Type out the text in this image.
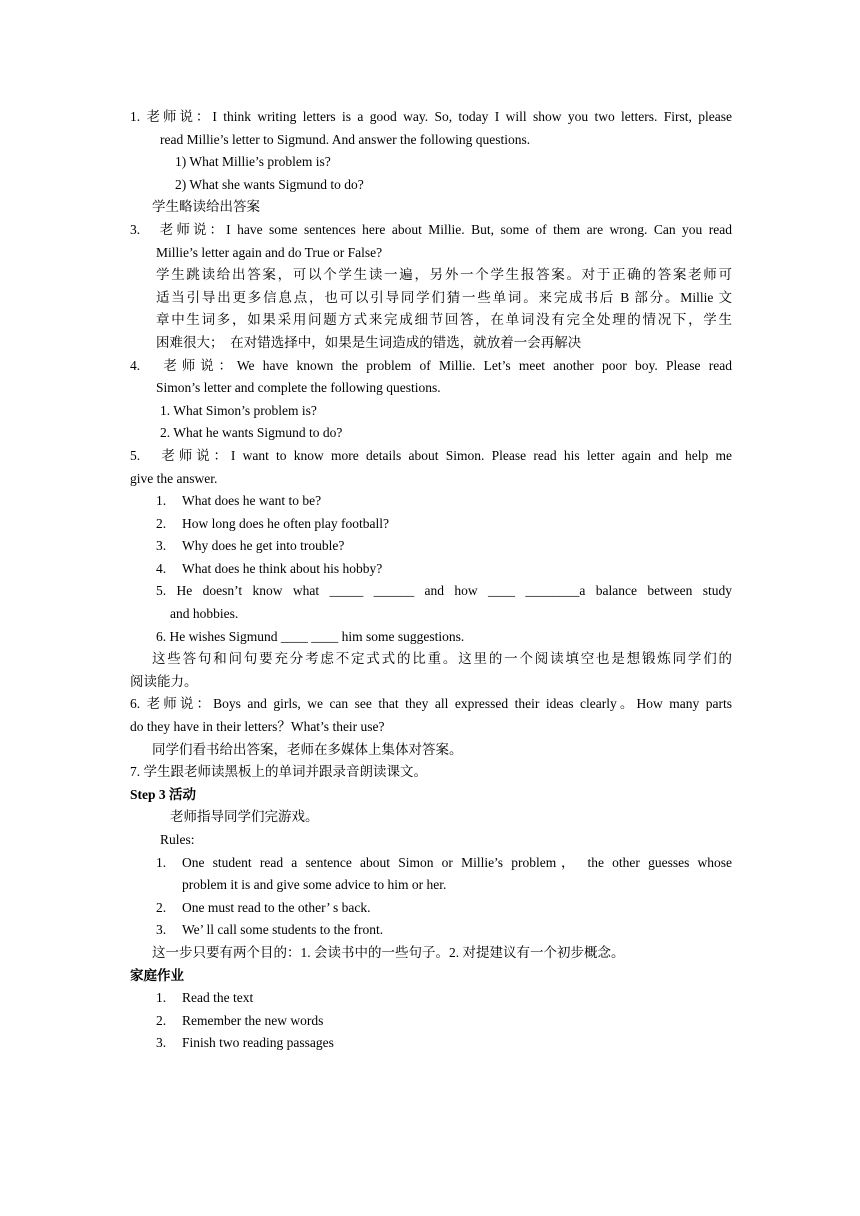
1. 老师说：I think writing letters is a good way. So, today I will show you two letters. First, please
read Millie’s letter to Sigmund. And answer the following questions.
1) What Millie’s problem is?
2) What she wants Sigmund to do?
学生略读给出答案
3.　老师说：I have some sentences here about Millie. But, some of them are wrong. Can you read
Millie’s letter again and do True or False?
学生跳读给出答案，可以个学生读一遍，另外一个学生报答案。对于正确的答案老师可
适当引导出更多信息点，也可以引导同学们猜一些单词。来完成书后 B 部分。Millie 文
章中生词多，如果采用问题方式来完成细节回答，在单词没有完全处理的情况下，学生
困难很大；　在对错选择中，如果是生词造成的错选，就放着一会再解决
4.　老师说：We have known the problem of Millie. Let’s meet another poor boy. Please read
Simon’s letter and complete the following questions.
1. What Simon’s problem is?
2. What he wants Sigmund to do?
5.　老师说：I want to know more details about Simon. Please read his letter again and help me
give the answer.
1. What does he want to be?
2. How long does he often play football?
3. Why does he get into trouble?
4. What does he think about his hobby?
5. He doesn’t know what _____ ______ and how ____ ________a balance between study
and hobbies.
6. He wishes Sigmund ____ ____ him some suggestions.
这些答句和问句要充分考虑不定式式的比重。这里的一个阅读填空也是想锻炼同学们的
阅读能力。
6. 老师说：Boys and girls, we can see that they all expressed their ideas clearly。How many parts
do they have in their letters？What’s their use?
同学们看书给出答案，老师在多媒体上集体对答案。
7. 学生跟老师读黑板上的单词并跟录音朗读课文。
Step 3 活动
老师指导同学们完游戏。
Rules:
1.	One student read a sentence about Simon or Millie’s problem， the other guesses whose
problem it is and give some advice to him or her.
2. One must read to the other’ s back.
3. We’ ll call some students to the front.
这一步只要有两个目的：1. 会读书中的一些句子。2. 对提建议有一个初步概念。
家庭作业
1. Read the text
2. Remember the new words
3. Finish two reading passages
